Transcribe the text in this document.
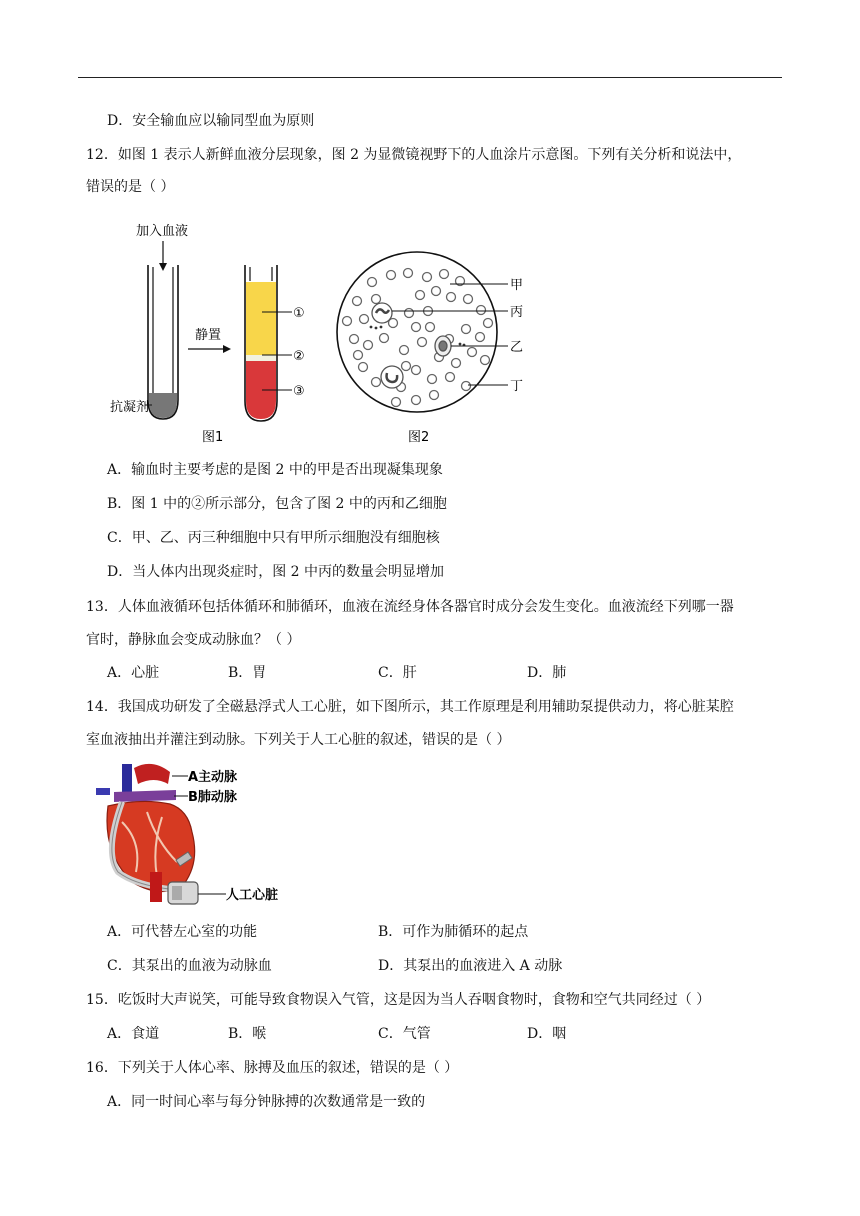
D．安全输血应以输同型血为原则
12．如图 1 表示人新鲜血液分层现象，图 2 为显微镜视野下的人血涂片示意图。下列有关分析和说法中，
错误的是（ ）
加入血液
抗凝剂
静置
①
②
③
图1
甲
丙
乙
丁
图2
A．输血时主要考虑的是图 2 中的甲是否出现凝集现象
B．图 1 中的②所示部分，包含了图 2 中的丙和乙细胞
C．甲、乙、丙三种细胞中只有甲所示细胞没有细胞核
D．当人体内出现炎症时，图 2 中丙的数量会明显增加
13．人体血液循环包括体循环和肺循环，血液在流经身体各器官时成分会发生变化。血液流经下列哪一器
官时，静脉血会变成动脉血？（ ）
A．心脏	B．胃	C．肝	D．肺
14．我国成功研发了全磁悬浮式人工心脏，如下图所示，其工作原理是利用辅助泵提供动力，将心脏某腔
室血液抽出并灌注到动脉。下列关于人工心脏的叙述，错误的是（ ）
A主动脉
B肺动脉
人工心脏
A．可代替左心室的功能	B．可作为肺循环的起点
C．其泵出的血液为动脉血	D．其泵出的血液进入 A 动脉
15．吃饭时大声说笑，可能导致食物误入气管，这是因为当人吞咽食物时，食物和空气共同经过（ ）
A．食道	B．喉	C．气管	D．咽
16．下列关于人体心率、脉搏及血压的叙述，错误的是（ ）
A．同一时间心率与每分钟脉搏的次数通常是一致的
